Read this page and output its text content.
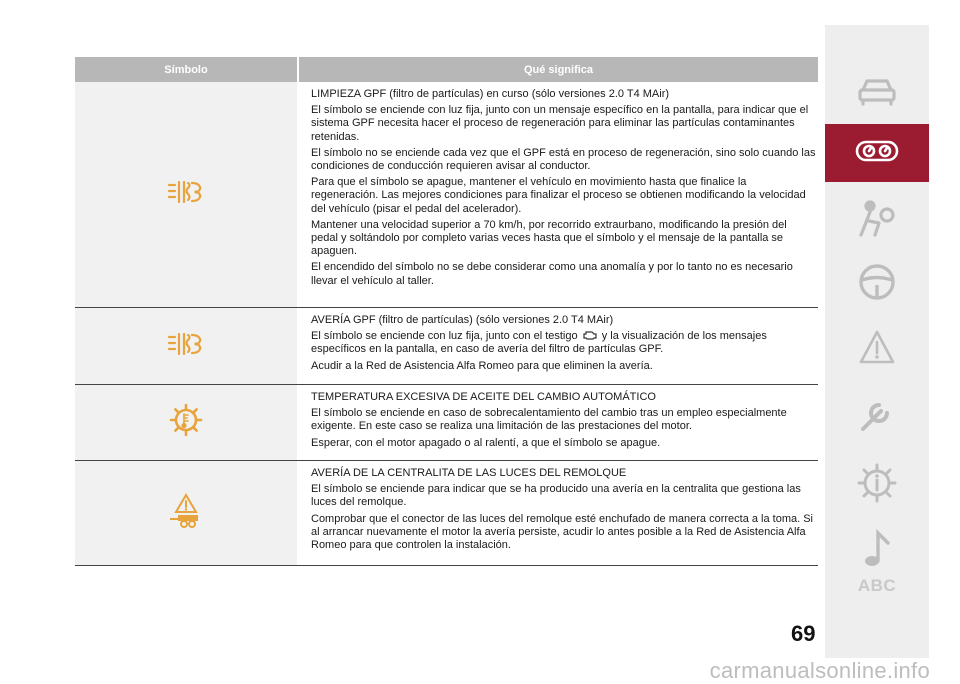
Símbolo	Qué significa

LIMPIEZA GPF (filtro de partículas) en curso (sólo versiones 2.0 T4 MAir)

El símbolo se enciende con luz fija, junto con un mensaje específico en la pantalla, para indicar que el sistema GPF necesita hacer el proceso de regeneración para eliminar las partículas contaminantes retenidas.

El símbolo no se enciende cada vez que el GPF está en proceso de regeneración, sino solo cuando las condiciones de conducción requieren avisar al conductor.

Para que el símbolo se apague, mantener el vehículo en movimiento hasta que finalice la regeneración. Las mejores condiciones para finalizar el proceso se obtienen modificando la velocidad del vehículo (pisar el pedal del acelerador).

Mantener una velocidad superior a 70 km/h, por recorrido extraurbano, modificando la presión del pedal y soltándolo por completo varias veces hasta que el símbolo y el mensaje de la pantalla se apaguen.

El encendido del símbolo no se debe considerar como una anomalía y por lo tanto no es necesario llevar el vehículo al taller.

AVERÍA GPF (filtro de partículas) (sólo versiones 2.0 T4 MAir)

El símbolo se enciende con luz fija, junto con el testigo y la visualización de los mensajes específicos en la pantalla, en caso de avería del filtro de partículas GPF.

Acudir a la Red de Asistencia Alfa Romeo para que eliminen la avería.

TEMPERATURA EXCESIVA DE ACEITE DEL CAMBIO AUTOMÁTICO

El símbolo se enciende en caso de sobrecalentamiento del cambio tras un empleo especialmente exigente. En este caso se realiza una limitación de las prestaciones del motor.

Esperar, con el motor apagado o al ralentí, a que el símbolo se apague.

AVERÍA DE LA CENTRALITA DE LAS LUCES DEL REMOLQUE

El símbolo se enciende para indicar que se ha producido una avería en la centralita que gestiona las luces del remolque.

Comprobar que el conector de las luces del remolque esté enchufado de manera correcta a la toma. Si al arrancar nuevamente el motor la avería persiste, acudir lo antes posible a la Red de Asistencia Alfa Romeo para que controlen la instalación.

ABC
69
carmanualsonline.info
